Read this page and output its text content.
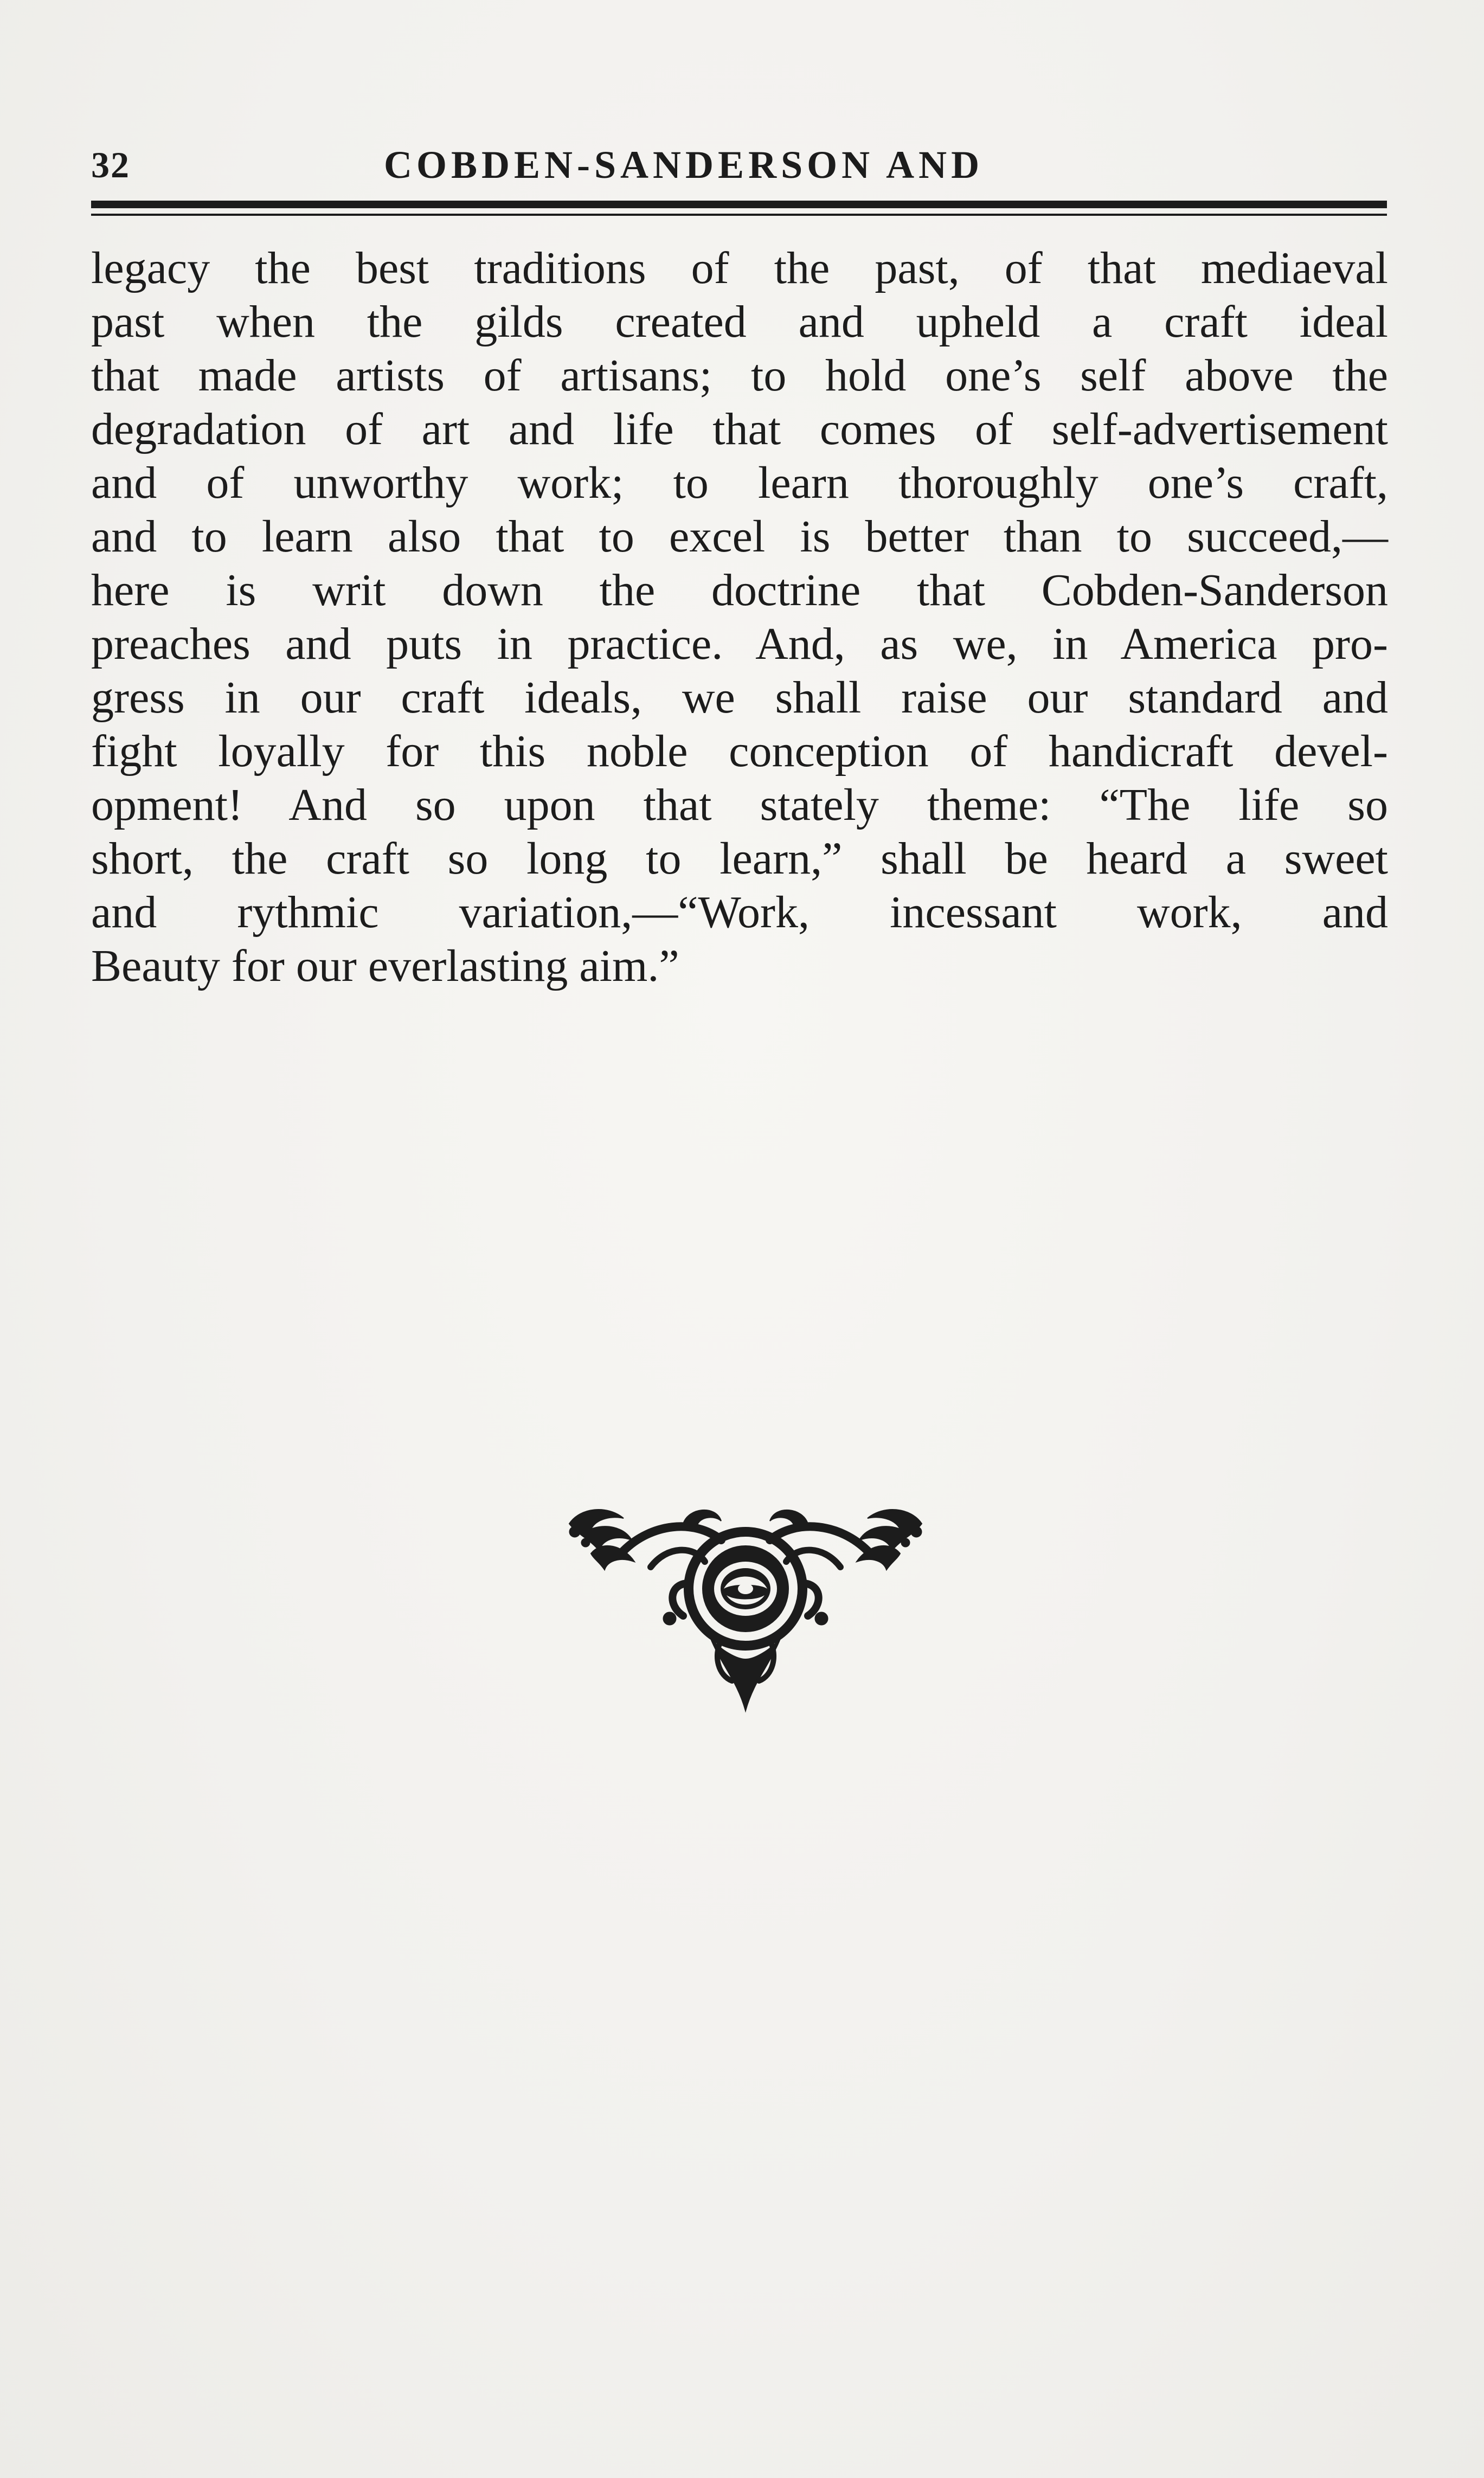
32	COBDEN-SANDERSON AND
legacy the best traditions of the past, of that mediaeval
past when the gilds created and upheld a craft ideal
that made artists of artisans; to hold one’s self above the
degradation of art and life that comes of self-advertisement
and of unworthy work; to learn thoroughly one’s craft,
and to learn also that to excel is better than to succeed,—
here is writ down the doctrine that Cobden-Sanderson
preaches and puts in practice. And, as we, in America pro-
gress in our craft ideals, we shall raise our standard and
fight loyally for this noble conception of handicraft devel-
opment! And so upon that stately theme: “The life so
short, the craft so long to learn,” shall be heard a sweet
and rythmic variation,—“Work, incessant work, and
Beauty for our everlasting aim.”
